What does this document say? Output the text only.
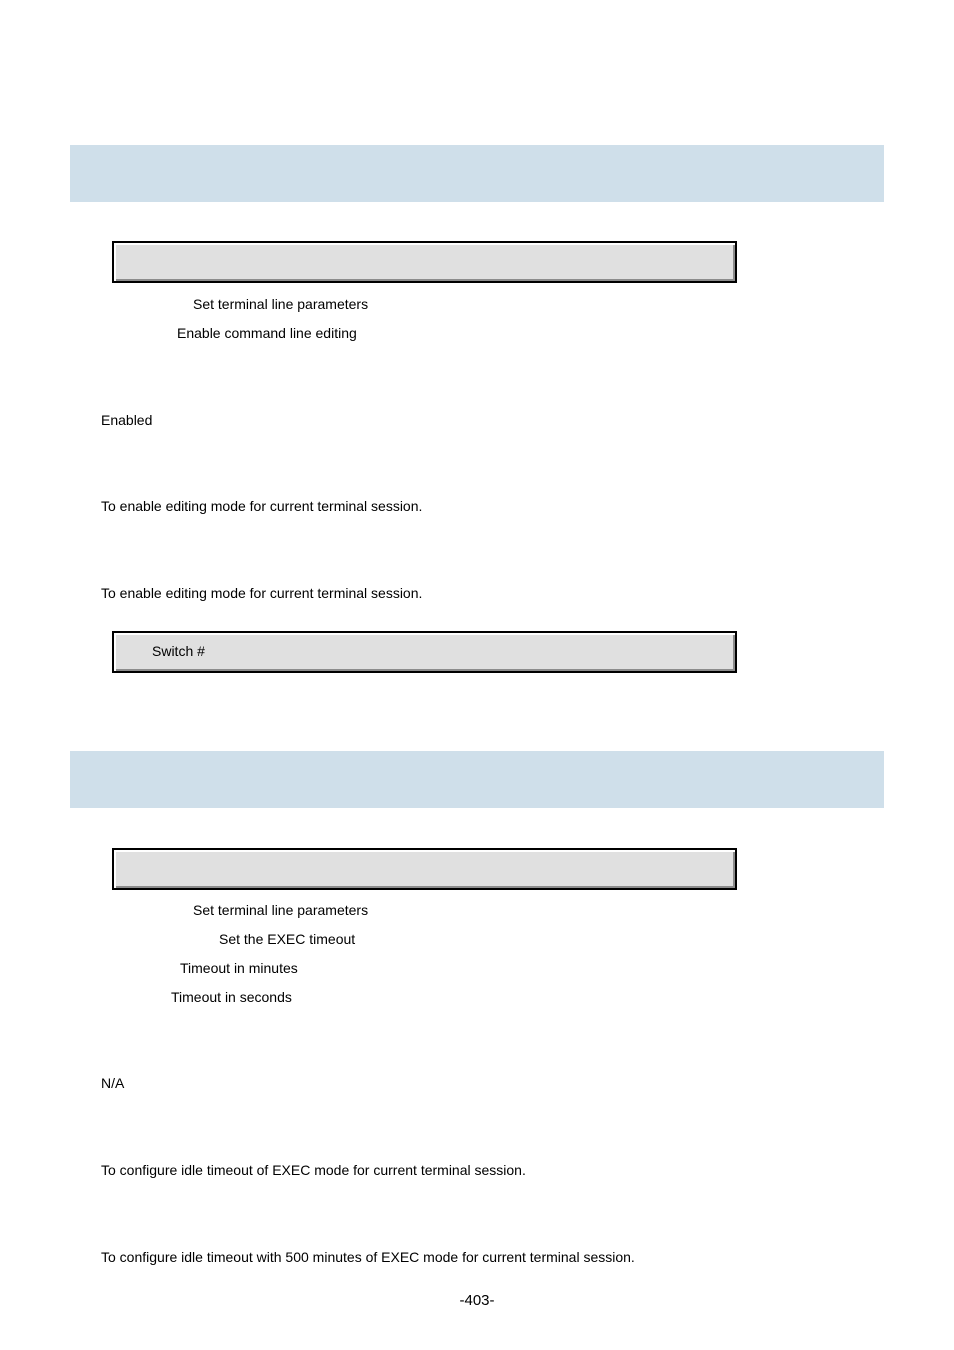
Set terminal line parameters
Enable command line editing
Enabled
To enable editing mode for current terminal session.
To enable editing mode for current terminal session.
Switch #
Set terminal line parameters
Set the EXEC timeout
Timeout in minutes
Timeout in seconds
N/A
To configure idle timeout of EXEC mode for current terminal session.
To configure idle timeout with 500 minutes of EXEC mode for current terminal session.
-403-
